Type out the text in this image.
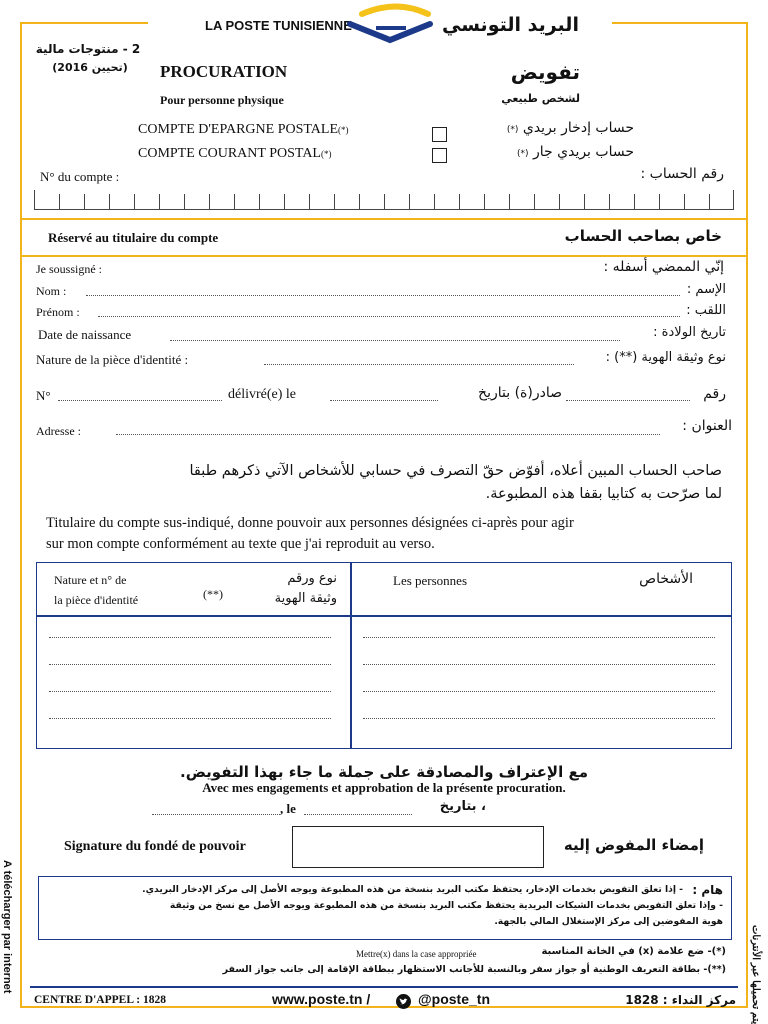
LA POSTE TUNISIENNE	البريد التونسي
2 - منتوجات مالية
(تحيين 2016) PROCURATION
Pour personne physique
تفويض
لشخص طبيعي
COMPTE D'EPARGNE POSTALE(*)	حساب إدخار بريدي (*)
COMPTE COURANT POSTAL(*)	حساب بريدي جار (*)
N° du compte :	رقم الحساب :
Réservé au titulaire du compte	خاص بصاحب الحساب
Je soussigné :	إنّي الممضي أسفله :
Nom :	الإسم :
Prénom :	اللقب :
Date de naissance	تاريخ الولادة :
Nature de la pièce d'identité :	نوع وثيقة الهوية (**) :
N°	délivré(e) le	صادر(ة) بتاريخ	رقم
Adresse :	العنوان :
صاحب الحساب المبين أعلاه، أفوّض حقّ التصرف في حسابي للأشخاص الآتي ذكرهم طبقا
لما صرّحت به كتابيا بقفا هذه المطبوعة.
Titulaire du compte sus-indiqué, donne pouvoir aux personnes désignées ci-après pour agir
sur mon compte conformément au texte que j'ai reproduit au verso.
Nature et n° de
la pièce d'identité	(**)
نوع ورقم
وثيقة الهوية
Les personnes	الأشخاص
مع الإعتراف والمصادقة على جملة ما جاء بهذا التفويض.
Avec mes engagements et approbation de la présente procuration.
, le	، بتاريخ
Signature du fondé de pouvoir	إمضاء المفوض إليه
هام :
- إذا تعلق التفويض بخدمات الإدخار، يحتفظ مكتب البريد بنسخة من هذه المطبوعة ويوجه الأصل إلى مركز الإدخار البريدي.
- وإذا تعلق التفويض بخدمات الشيكات البريدية يحتفظ مكتب البريد بنسخة من هذه المطبوعة ويوجه الأصل مع نسخ من وثيقة
هوية المفوضين إلى مركز الإستغلال المالي بالجهة.
Mettre(x) dans la case appropriée	(*)- ضع علامة (x) في الخانة المناسبة
(**)- بطاقة التعريف الوطنية أو جواز سفر وبالنسبة للأجانب الاستظهار ببطاقة الإقامة إلى جانب جواز السفر
CENTRE D'APPEL : 1828	www.poste.tn /	@poste_tn	مركز النداء : 1828
A télécharger par internet	يتم تحميلها عبر الأنترنات
